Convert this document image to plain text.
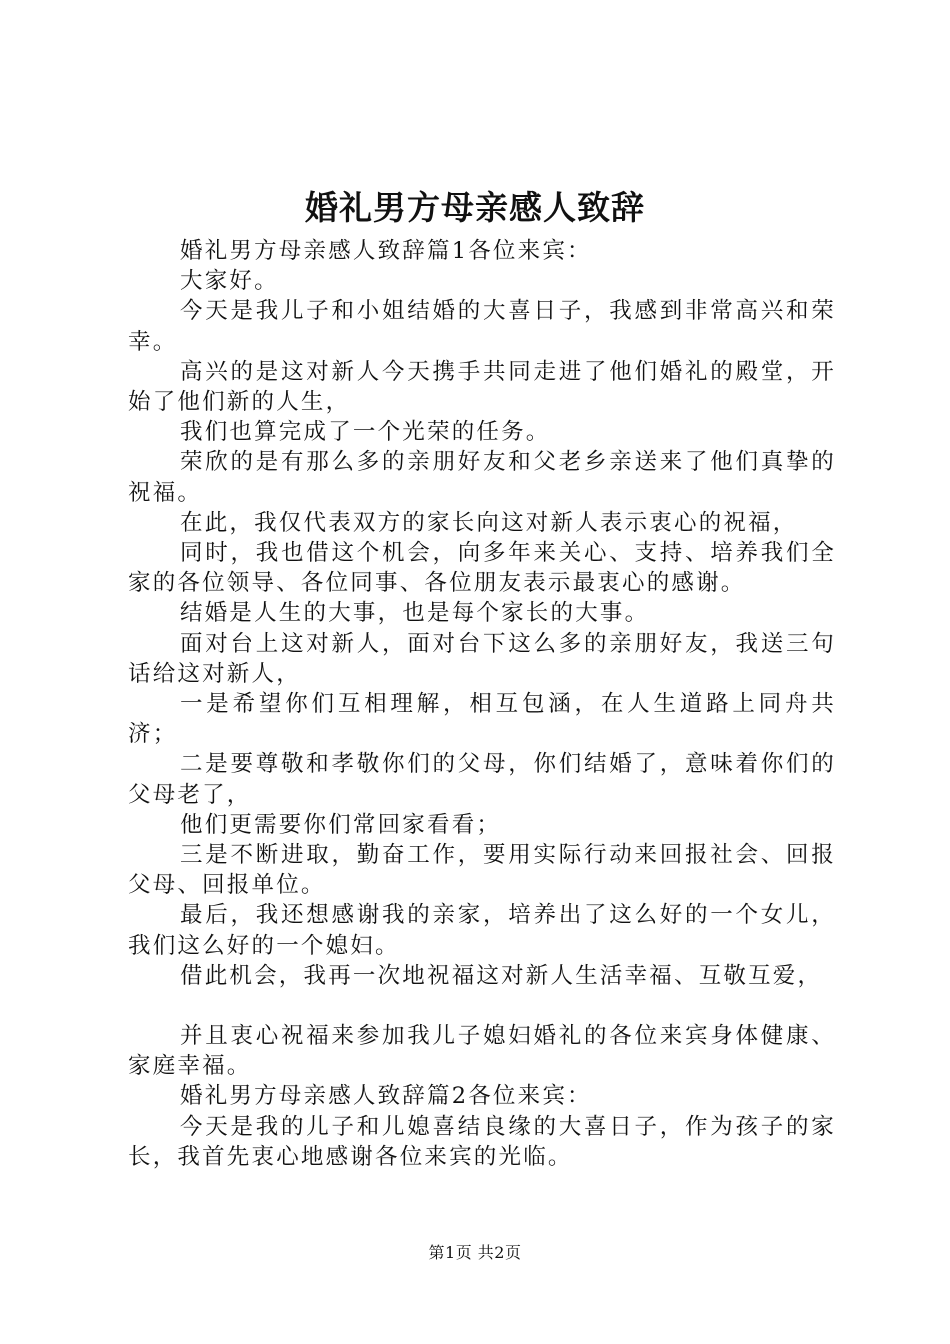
婚礼男方母亲感人致辞

婚礼男方母亲感人致辞篇1各位来宾：

大家好。

今天是我儿子和小姐结婚的大喜日子，我感到非常高兴和荣幸。

高兴的是这对新人今天携手共同走进了他们婚礼的殿堂，开始了他们新的人生，

我们也算完成了一个光荣的任务。

荣欣的是有那么多的亲朋好友和父老乡亲送来了他们真挚的祝福。

在此，我仅代表双方的家长向这对新人表示衷心的祝福，

同时，我也借这个机会，向多年来关心、支持、培养我们全家的各位领导、各位同事、各位朋友表示最衷心的感谢。

结婚是人生的大事，也是每个家长的大事。

面对台上这对新人，面对台下这么多的亲朋好友，我送三句话给这对新人，

一是希望你们互相理解，相互包涵，在人生道路上同舟共济；

二是要尊敬和孝敬你们的父母，你们结婚了，意味着你们的父母老了，

他们更需要你们常回家看看；

三是不断进取，勤奋工作，要用实际行动来回报社会、回报父母、回报单位。

最后，我还想感谢我的亲家，培养出了这么好的一个女儿，我们这么好的一个媳妇。

借此机会，我再一次地祝福这对新人生活幸福、互敬互爱，

并且衷心祝福来参加我儿子媳妇婚礼的各位来宾身体健康、家庭幸福。

婚礼男方母亲感人致辞篇2各位来宾：

今天是我的儿子和儿媳喜结良缘的大喜日子，作为孩子的家长，我首先衷心地感谢各位来宾的光临。

第1页 共2页
